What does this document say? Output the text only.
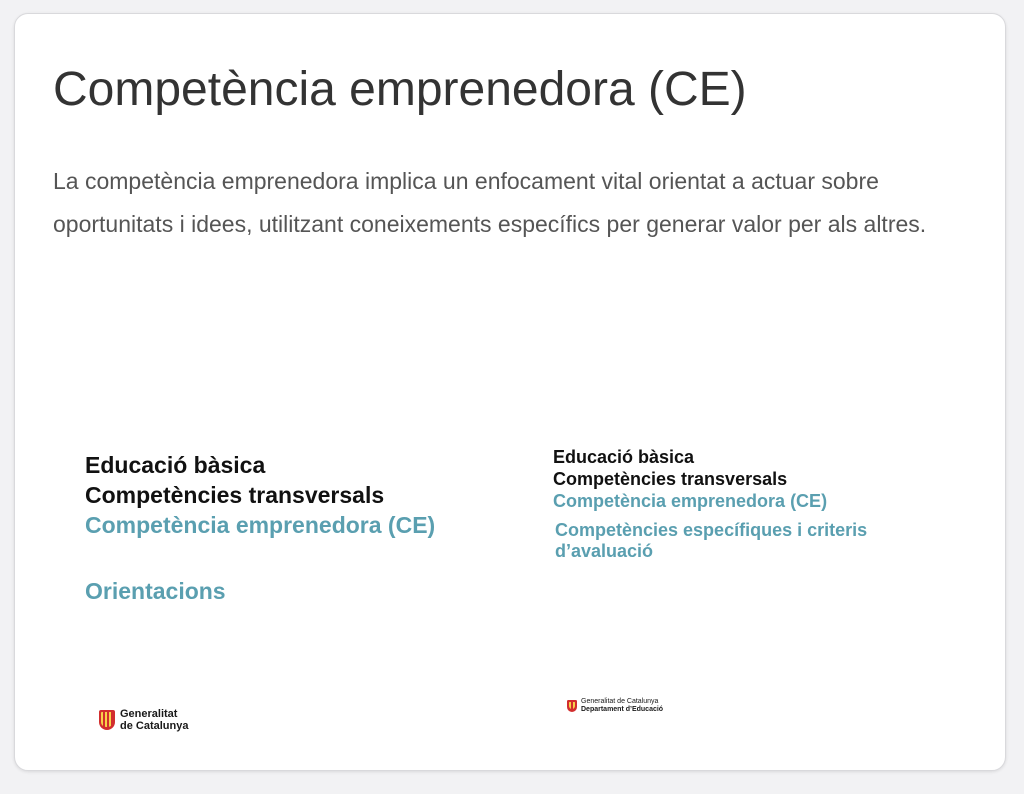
Competència emprenedora (CE)

La competència emprenedora implica un enfocament vital orientat a actuar sobre oportunitats i idees, utilitzant coneixements específics per generar valor per als altres.

Educació bàsica
Competències transversals
Competència emprenedora (CE)
Orientacions
Generalitat
de Catalunya
Educació bàsica
Competències transversals
Competència emprenedora (CE)
Competències específiques i criteris d’avaluació
Generalitat de Catalunya
Departament d’Educació
